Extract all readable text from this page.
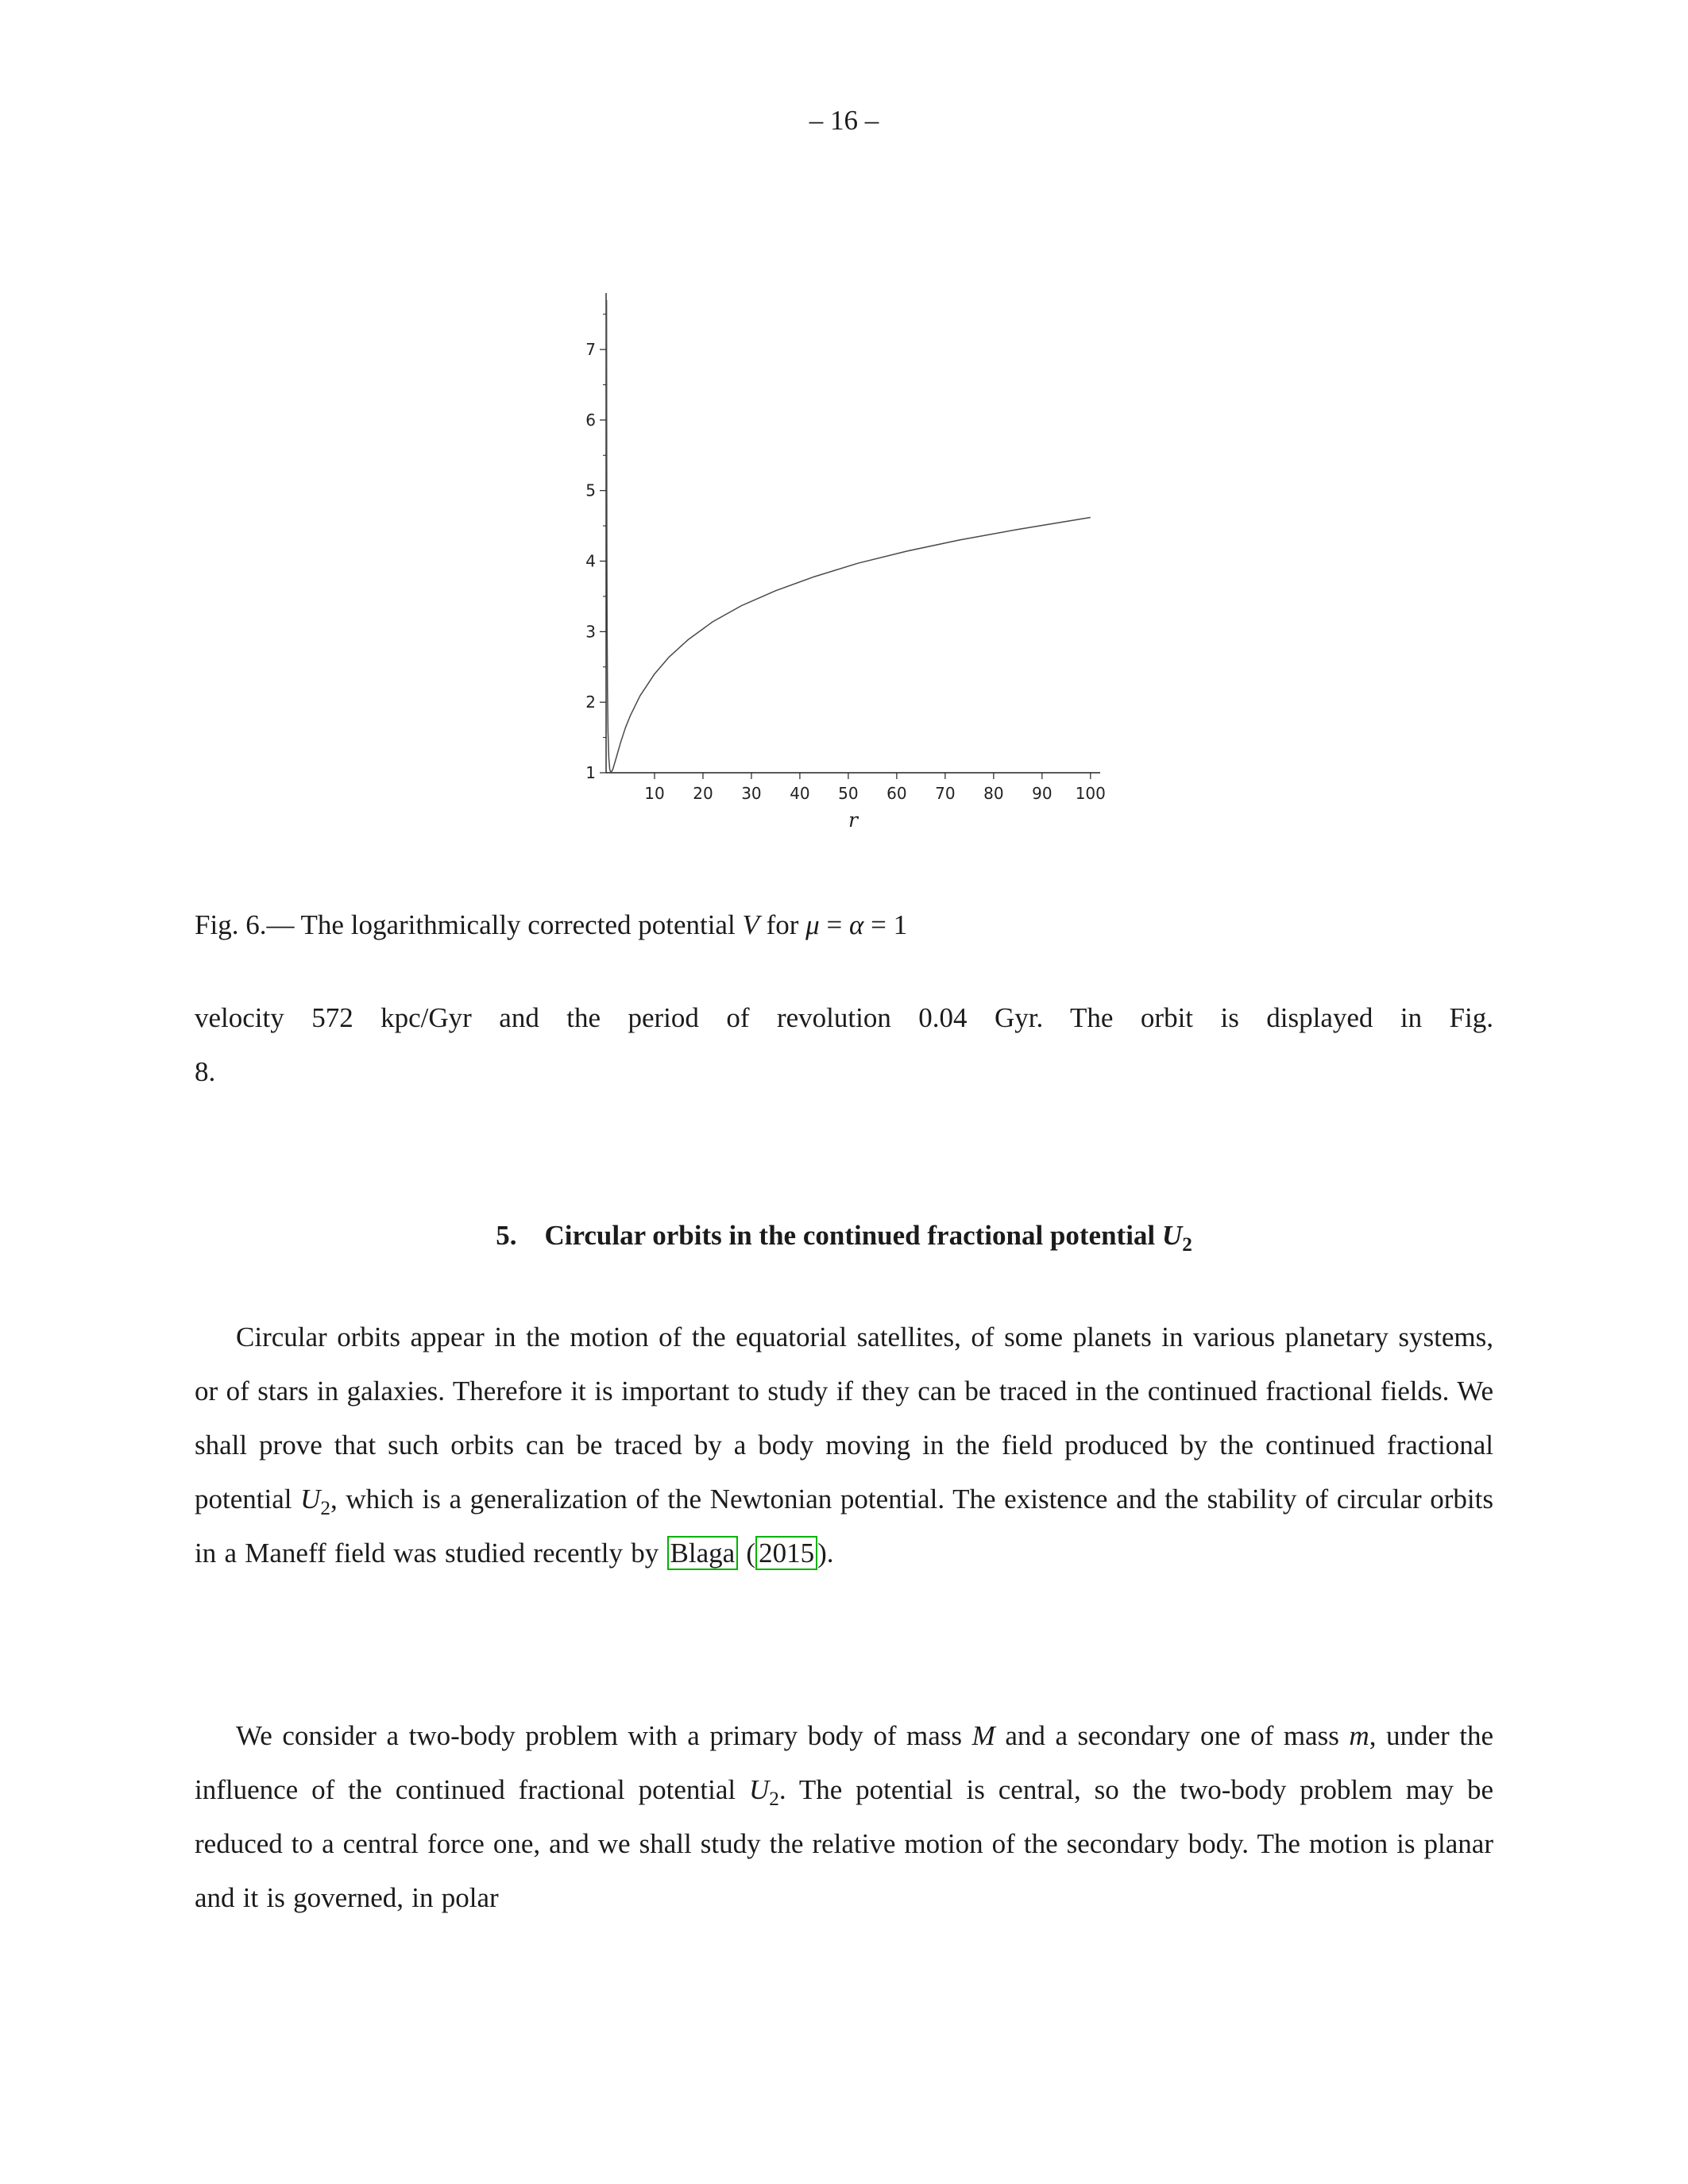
– 16 –
1
2
3
4
5
6
7
10 20 30 40 50 60 70 80 90 100
r
Fig. 6.— The logarithmically corrected potential V for μ = α = 1
velocity 572 kpc/Gyr and the period of revolution 0.04 Gyr. The orbit is displayed in Fig.
8.
5.  Circular orbits in the continued fractional potential $U_2$
Circular orbits appear in the motion of the equatorial satellites, of some planets in various planetary systems, or of stars in galaxies. Therefore it is important to study if they can be traced in the continued fractional fields. We shall prove that such orbits can be traced by a body moving in the field produced by the continued fractional potential $U_2$, which is a generalization of the Newtonian potential. The existence and the stability of circular orbits in a Maneff field was studied recently by Blaga ( 2015 ).
We consider a two-body problem with a primary body of mass M and a secondary one of mass m, under the influence of the continued fractional potential $U_2$. The potential is central, so the two-body problem may be reduced to a central force one, and we shall study the relative motion of the secondary body. The motion is planar and it is governed, in polar
